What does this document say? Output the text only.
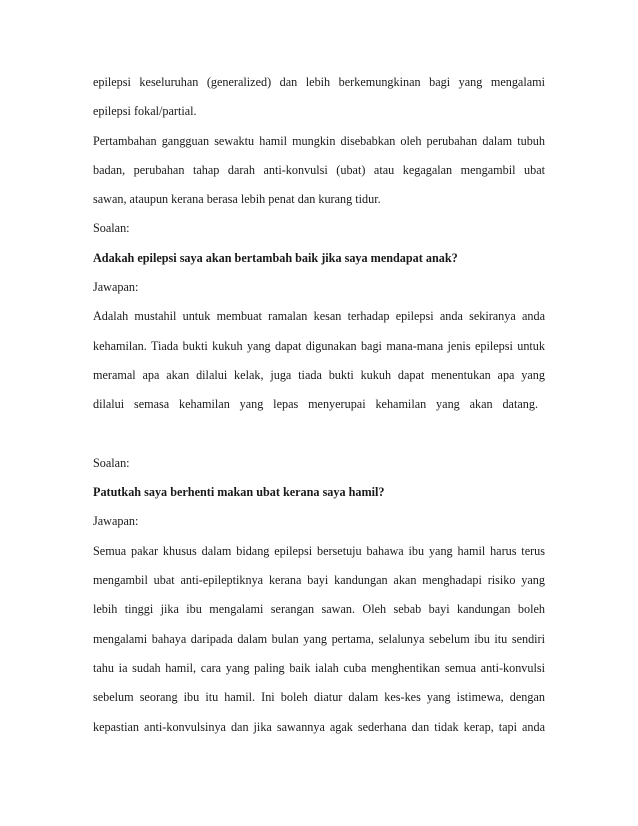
epilepsi keseluruhan (generalized) dan lebih berkemungkinan bagi yang mengalami
epilepsi fokal/partial.
Pertambahan gangguan sewaktu hamil mungkin disebabkan oleh perubahan dalam tubuh
badan, perubahan tahap darah anti-konvulsi (ubat) atau kegagalan mengambil ubat
sawan, ataupun kerana berasa lebih penat dan kurang tidur.
Soalan:
Adakah epilepsi saya akan bertambah baik jika saya mendapat anak?
Jawapan:
Adalah mustahil untuk membuat ramalan kesan terhadap epilepsi anda sekiranya anda
kehamilan. Tiada bukti kukuh yang dapat digunakan bagi mana-mana jenis epilepsi untuk
meramal apa akan dilalui kelak, juga tiada bukti kukuh dapat menentukan apa yang
dilalui semasa kehamilan yang lepas menyerupai kehamilan yang akan datang.
Soalan:
Patutkah saya berhenti makan ubat kerana saya hamil?
Jawapan:
Semua pakar khusus dalam bidang epilepsi bersetuju bahawa ibu yang hamil harus terus
mengambil ubat anti-epileptiknya kerana bayi kandungan akan menghadapi risiko yang
lebih tinggi jika ibu mengalami serangan sawan. Oleh sebab bayi kandungan boleh
mengalami bahaya daripada dalam bulan yang pertama, selalunya sebelum ibu itu sendiri
tahu ia sudah hamil, cara yang paling baik ialah cuba menghentikan semua anti-konvulsi
sebelum seorang ibu itu hamil. Ini boleh diatur dalam kes-kes yang istimewa, dengan
kepastian anti-konvulsinya dan jika sawannya agak sederhana dan tidak kerap, tapi anda
